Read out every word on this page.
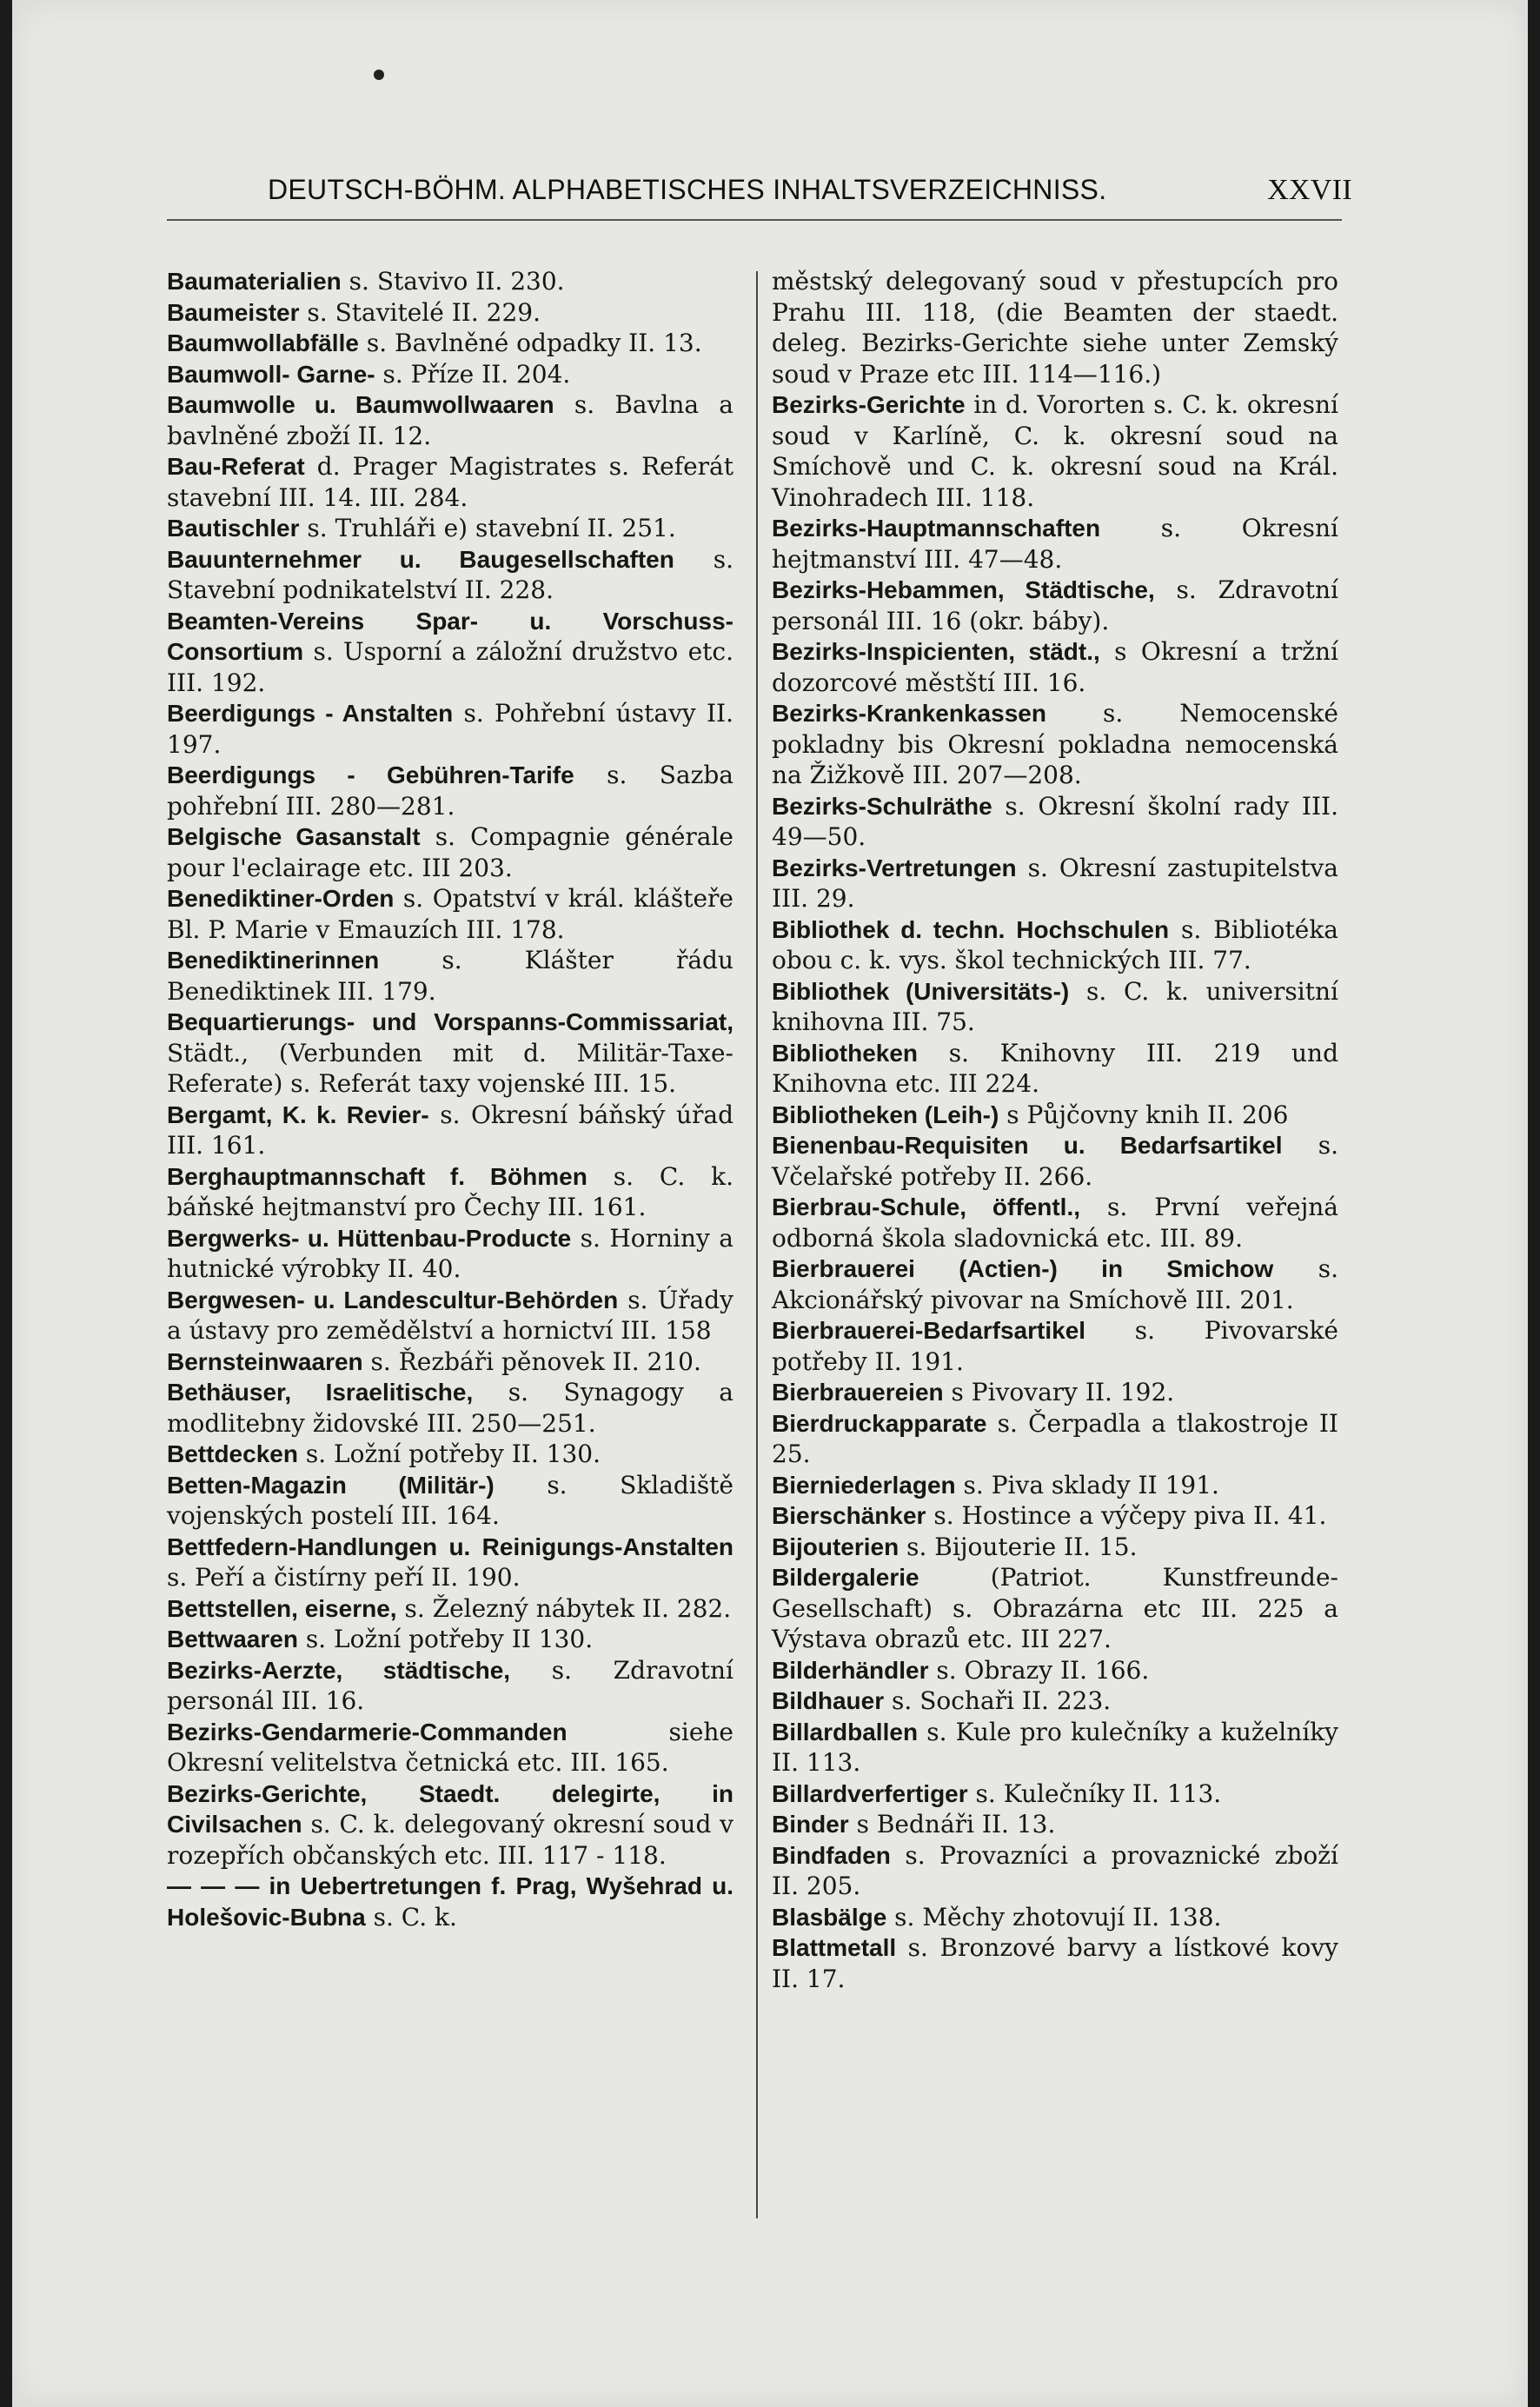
DEUTSCH-BÖHM. ALPHABETISCHES INHALTSVERZEICHNISS.	XXVII
Baumaterialien s. Stavivo II. 230.
Baumeister s. Stavitelé II. 229.
Baumwollabfälle s. Bavlněné odpadky II. 13.
Baumwoll- Garne- s. Příze II. 204.
Baumwolle u. Baumwollwaaren s. Bavlna a bavlněné zboží II. 12.
Bau-Referat d. Prager Magistrates s. Referát stavební III. 14. III. 284.
Bautischler s. Truhláři e) stavební II. 251.
Bauunternehmer u. Baugesellschaften s. Stavební podnikatelství II. 228.
Beamten-Vereins Spar- u. Vorschuss-Consortium s. Usporní a záložní družstvo etc. III. 192.
Beerdigungs - Anstalten s. Pohřební ústavy II. 197.
Beerdigungs - Gebühren-Tarife s. Sazba pohřební III. 280—281.
Belgische Gasanstalt s. Compagnie générale pour l'eclairage etc. III 203.
Benediktiner-Orden s. Opatství v král. klášteře Bl. P. Marie v Emauzích III. 178.
Benediktinerinnen s. Klášter řádu Benediktinek III. 179.
Bequartierungs- und Vorspanns-Commissariat, Städt., (Verbunden mit d. Militär-Taxe-Referate) s. Referát taxy vojenské III. 15.
Bergamt, K. k. Revier- s. Okresní báňský úřad III. 161.
Berghauptmannschaft f. Böhmen s. C. k. báňské hejtmanství pro Čechy III. 161.
Bergwerks- u. Hüttenbau-Producte s. Horniny a hutnické výrobky II. 40.
Bergwesen- u. Landescultur-Behörden s. Úřady a ústavy pro zemědělství a hornictví III. 158
Bernsteinwaaren s. Řezbáři pěnovek II. 210.
Bethäuser, Israelitische, s. Synagogy a modlitebny židovské III. 250—251.
Bettdecken s. Ložní potřeby II. 130.
Betten-Magazin (Militär-) s. Skladiště vojenských postelí III. 164.
Bettfedern-Handlungen u. Reinigungs-Anstalten s. Peří a čistírny peří II. 190.
Bettstellen, eiserne, s. Železný nábytek II. 282.
Bettwaaren s. Ložní potřeby II 130.
Bezirks-Aerzte, städtische, s. Zdravotní personál III. 16.
Bezirks-Gendarmerie-Commanden siehe Okresní velitelstva četnická etc. III. 165.
Bezirks-Gerichte, Staedt. delegirte, in Civilsachen s. C. k. delegovaný okresní soud v rozepřích občanských etc. III. 117 - 118.
— — — in Uebertretungen f. Prag, Wyšehrad u. Holešovic-Bubna s. C. k.
městský delegovaný soud v přestupcích pro Prahu III. 118, (die Beamten der staedt. deleg. Bezirks-Gerichte siehe unter Zemský soud v Praze etc III. 114—116.)
Bezirks-Gerichte in d. Vororten s. C. k. okresní soud v Karlíně, C. k. okresní soud na Smíchově und C. k. okresní soud na Král. Vinohradech III. 118.
Bezirks-Hauptmannschaften s. Okresní hejtmanství III. 47—48.
Bezirks-Hebammen, Städtische, s. Zdravotní personál III. 16 (okr. báby).
Bezirks-Inspicienten, städt., s Okresní a tržní dozorcové městští III. 16.
Bezirks-Krankenkassen s. Nemocenské pokladny bis Okresní pokladna nemocenská na Žižkově III. 207—208.
Bezirks-Schulräthe s. Okresní školní rady III. 49—50.
Bezirks-Vertretungen s. Okresní zastupitelstva III. 29.
Bibliothek d. techn. Hochschulen s. Bibliotéka obou c. k. vys. škol technických III. 77.
Bibliothek (Universitäts-) s. C. k. universitní knihovna III. 75.
Bibliotheken s. Knihovny III. 219 und Knihovna etc. III 224.
Bibliotheken (Leih-) s Půjčovny knih II. 206
Bienenbau-Requisiten u. Bedarfsartikel s. Včelařské potřeby II. 266.
Bierbrau-Schule, öffentl., s. První veřejná odborná škola sladovnická etc. III. 89.
Bierbrauerei (Actien-) in Smichow s. Akcionářský pivovar na Smíchově III. 201.
Bierbrauerei-Bedarfsartikel s. Pivovarské potřeby II. 191.
Bierbrauereien s Pivovary II. 192.
Bierdruckapparate s. Čerpadla a tlakostroje II 25.
Bierniederlagen s. Piva sklady II 191.
Bierschänker s. Hostince a výčepy piva II. 41.
Bijouterien s. Bijouterie II. 15.
Bildergalerie (Patriot. Kunstfreunde-Gesellschaft) s. Obrazárna etc III. 225 a Výstava obrazů etc. III 227.
Bilderhändler s. Obrazy II. 166.
Bildhauer s. Sochaři II. 223.
Billardballen s. Kule pro kulečníky a kuželníky II. 113.
Billardverfertiger s. Kulečníky II. 113.
Binder s Bednáři II. 13.
Bindfaden s. Provazníci a provaznické zboží II. 205.
Blasbälge s. Měchy zhotovují II. 138.
Blattmetall s. Bronzové barvy a lístkové kovy II. 17.
